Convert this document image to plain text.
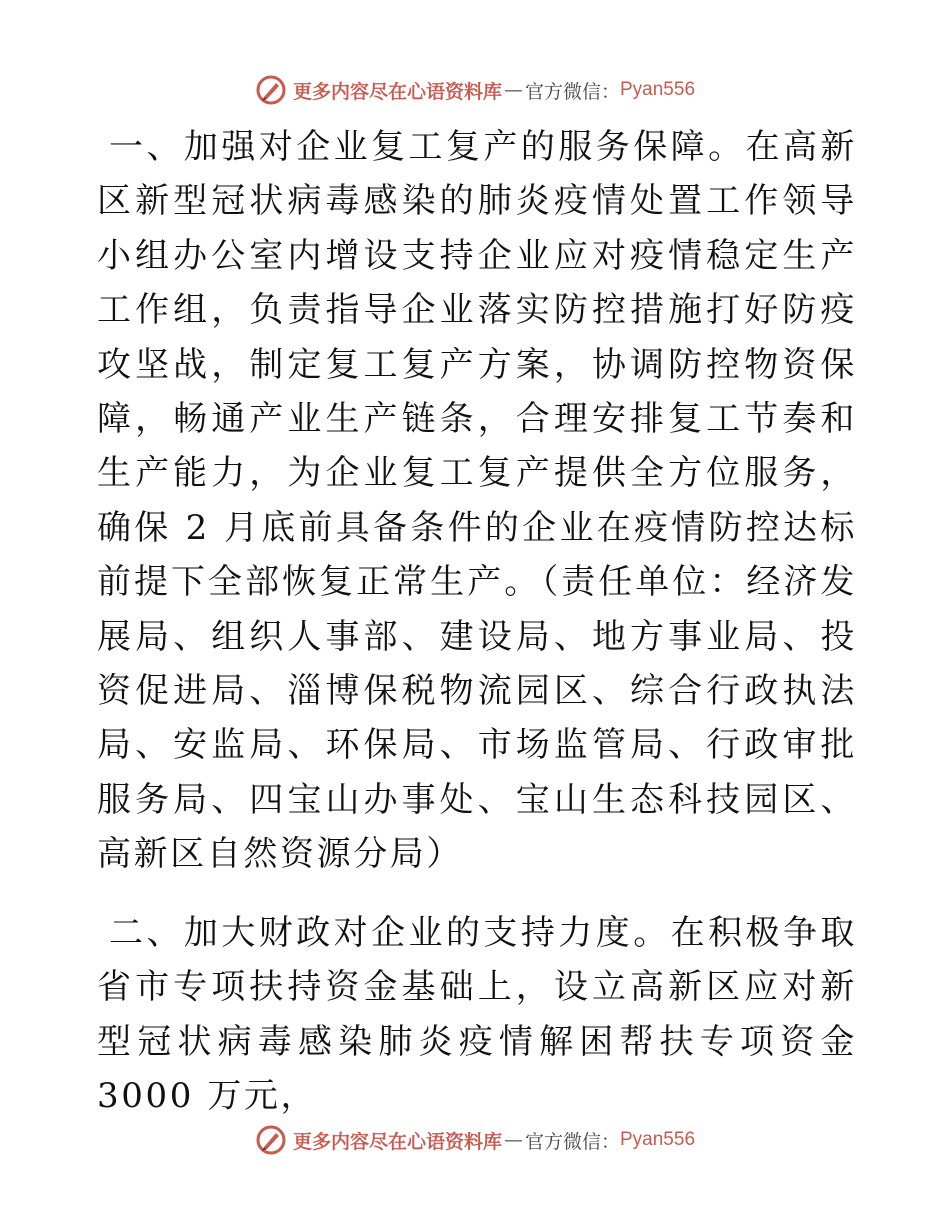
更多内容尽在心语资料库 — 官方微信： Pyan556

一、加强对企业复工复产的服务保障。在高新区新型冠状病毒感染的肺炎疫情处置工作领导小组办公室内增设支持企业应对疫情稳定生产工作组，负责指导企业落实防控措施打好防疫攻坚战，制定复工复产方案，协调防控物资保障，畅通产业生产链条，合理安排复工节奏和生产能力，为企业复工复产提供全方位服务，确保 2 月底前具备条件的企业在疫情防控达标前提下全部恢复正常生产。（责任单位：经济发展局、组织人事部、建设局、地方事业局、投资促进局、淄博保税物流园区、综合行政执法局、安监局、环保局、市场监管局、行政审批服务局、四宝山办事处、宝山生态科技园区、高新区自然资源分局）

二、加大财政对企业的支持力度。在积极争取省市专项扶持资金基础上，设立高新区应对新型冠状病毒感染肺炎疫情解困帮扶专项资金 3000 万元，

更多内容尽在心语资料库 — 官方微信： Pyan556
